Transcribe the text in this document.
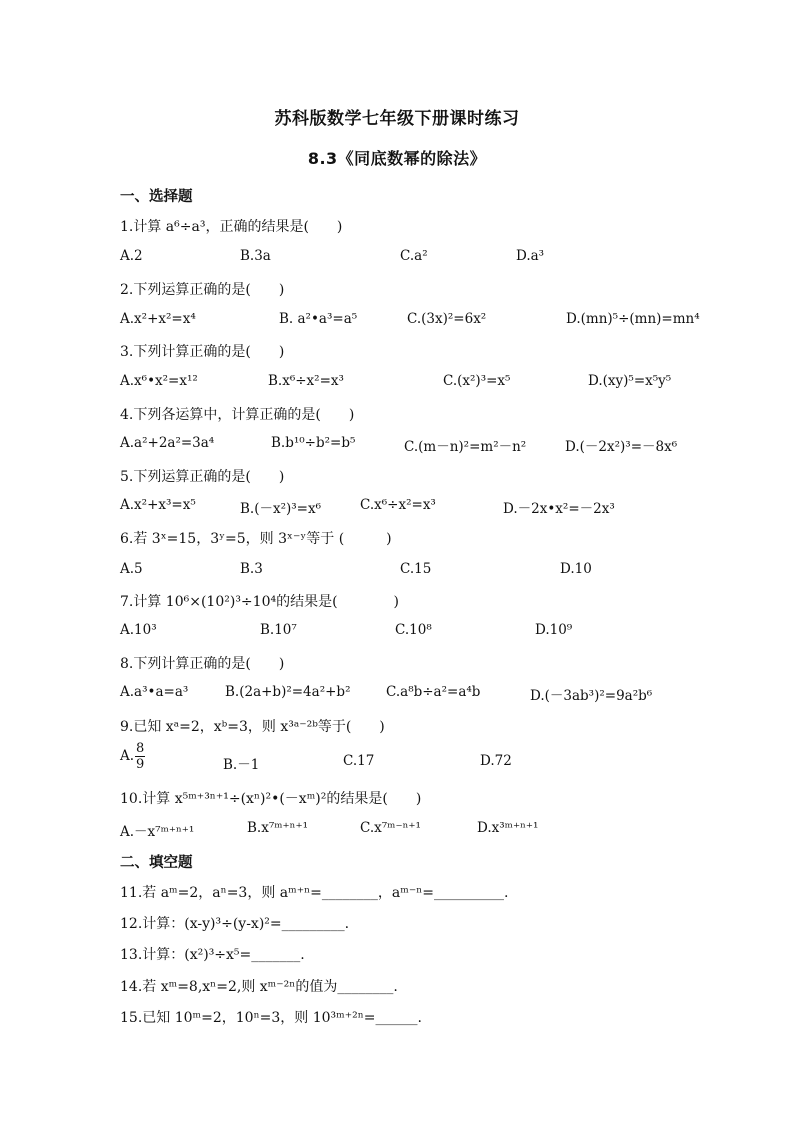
苏科版数学七年级下册课时练习
8.3《同底数幂的除法》
一、选择题
1.计算 a⁶÷a³，正确的结果是(　　)
A.2	B.3a	C.a²	D.a³
2.下列运算正确的是(　　)
A.x²+x²=x⁴	B. a²•a³=a⁵	C.(3x)²=6x²	D.(mn)⁵÷(mn)=mn⁴
3.下列计算正确的是(　　)
A.x⁶•x²=x¹²	B.x⁶÷x²=x³	C.(x²)³=x⁵	D.(xy)⁵=x⁵y⁵
4.下列各运算中，计算正确的是(　　)
A.a²+2a²=3a⁴	B.b¹⁰÷b²=b⁵	C.(m－n)²=m²－n²	D.(－2x²)³=－8x⁶
5.下列运算正确的是(　　)
A.x²+x³=x⁵	B.(－x²)³=x⁶	C.x⁶÷x²=x³	D.－2x•x²=－2x³
6.若 3ˣ=15，3ʸ=5，则 3ˣ⁻ʸ等于 (　　　)
A.5	B.3	C.15	D.10
7.计算 10⁶×(10²)³÷10⁴的结果是(　　　　)
A.10³	B.10⁷	C.10⁸	D.10⁹
8.下列计算正确的是(　　)
A.a³•a=a³	B.(2a+b)²=4a²+b²	C.a⁸b÷a²=a⁴b	D.(－3ab³)²=9a²b⁶
9.已知 xᵃ=2，xᵇ=3，则 x³ᵃ⁻²ᵇ等于(　　)
A. $\frac{8}{9}$	B.－1	C.17	D.72
10.计算 x⁵ᵐ⁺³ⁿ⁺¹÷(xⁿ)²•(－xᵐ)²的结果是(　　)
A.－x⁷ᵐ⁺ⁿ⁺¹	B.x⁷ᵐ⁺ⁿ⁺¹	C.x⁷ᵐ⁻ⁿ⁺¹	D.x³ᵐ⁺ⁿ⁺¹
二、填空题
11.若 aᵐ=2，aⁿ=3，则 aᵐ⁺ⁿ=________，aᵐ⁻ⁿ=__________.
12.计算：(x-y)³÷(y-x)²=_________.
13.计算：(x²)³÷x⁵=_______.
14.若 xᵐ=8,xⁿ=2,则 xᵐ⁻²ⁿ的值为________.
15.已知 10ᵐ=2，10ⁿ=3，则 10³ᵐ⁺²ⁿ=______.
